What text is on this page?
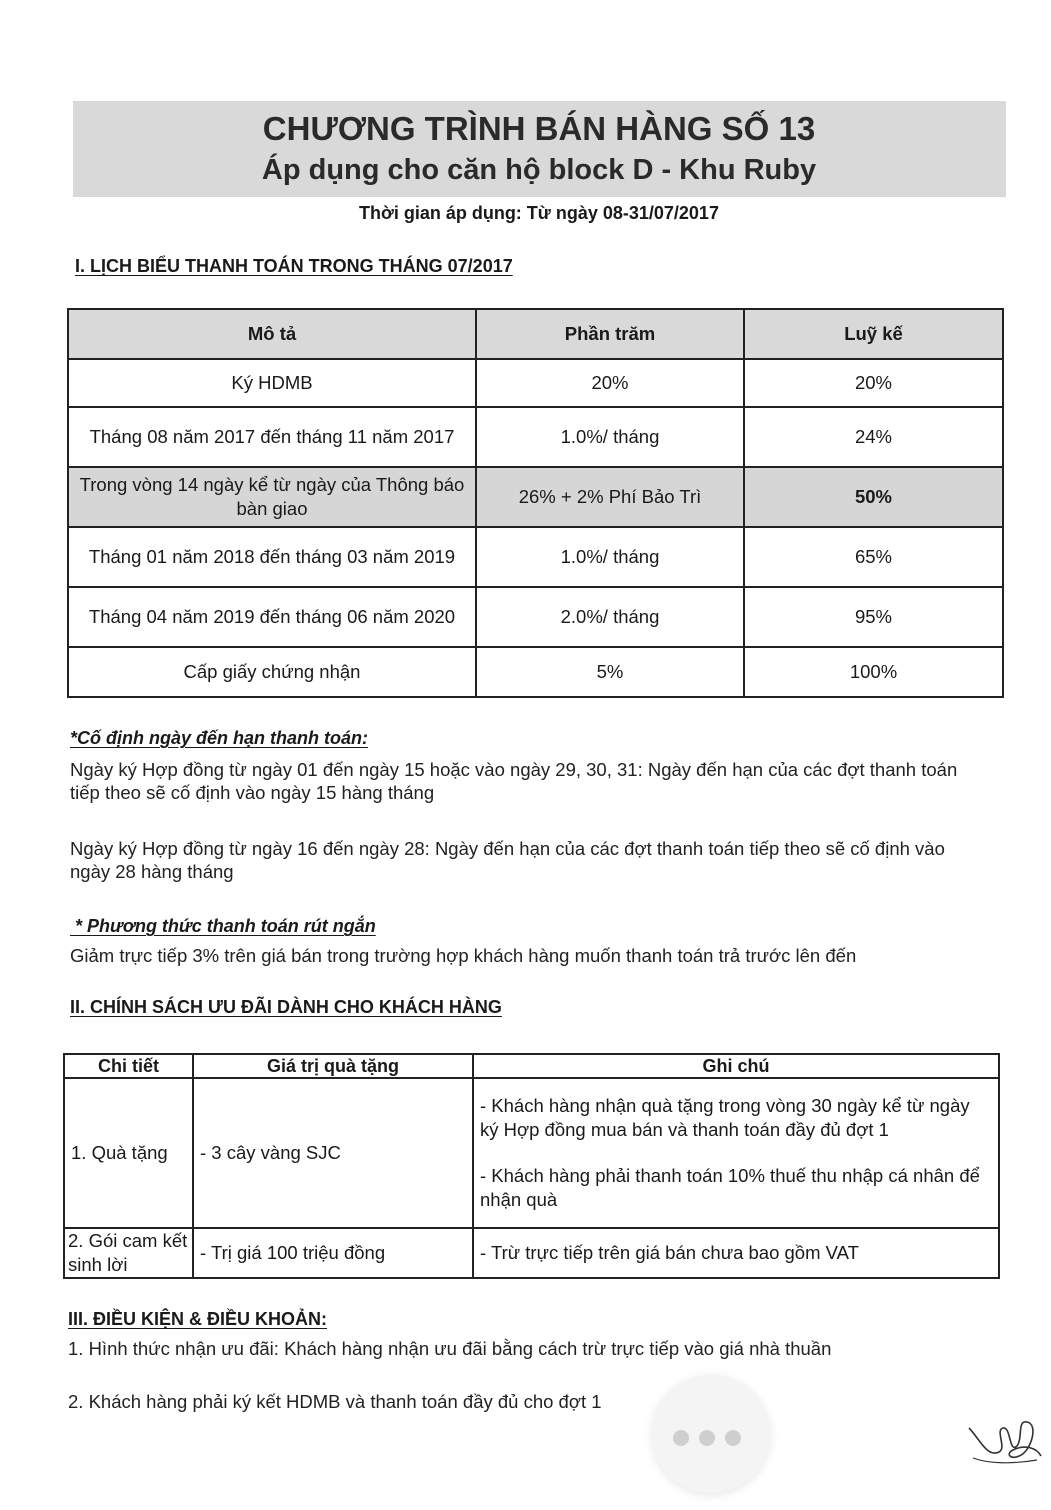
CHƯƠNG TRÌNH BÁN HÀNG SỐ 13
Áp dụng cho căn hộ block D - Khu Ruby
Thời gian áp dụng: Từ ngày 08-31/07/2017
I. LỊCH BIỂU THANH TOÁN TRONG THÁNG 07/2017
Mô tả	Phần trăm	Luỹ kế
Ký HDMB	20%	20%
Tháng 08 năm 2017 đến tháng 11 năm 2017	1.0%/ tháng	24%
Trong vòng 14 ngày kể từ ngày của Thông báo bàn giao	26% + 2% Phí Bảo Trì	50%
Tháng 01 năm 2018 đến tháng 03 năm 2019	1.0%/ tháng	65%
Tháng 04 năm 2019 đến tháng 06 năm 2020	2.0%/ tháng	95%
Cấp giấy chứng nhận	5%	100%
*Cố định ngày đến hạn thanh toán:
Ngày ký Hợp đồng từ ngày 01 đến ngày 15 hoặc vào ngày 29, 30, 31: Ngày đến hạn của các đợt thanh toán tiếp theo sẽ cố định vào ngày 15 hàng tháng
Ngày ký Hợp đồng từ ngày 16 đến ngày 28: Ngày đến hạn của các đợt thanh toán tiếp theo sẽ cố định vào ngày 28 hàng tháng
* Phương thức thanh toán rút ngắn
Giảm trực tiếp 3% trên giá bán trong trường hợp khách hàng muốn thanh toán trả trước lên đến
II. CHÍNH SÁCH ƯU ĐÃI DÀNH CHO KHÁCH HÀNG
Chi tiết	Giá trị quà tặng	Ghi chú
1. Quà tặng	- 3 cây vàng SJC	- Khách hàng nhận quà tặng trong vòng 30 ngày kể từ ngày ký Hợp đồng mua bán và thanh toán đầy đủ đợt 1
- Khách hàng phải thanh toán 10% thuế thu nhập cá nhân để nhận quà

2. Gói cam kết sinh lời	- Trị giá 100 triệu đồng	- Trừ trực tiếp trên giá bán chưa bao gồm VAT
III. ĐIỀU KIỆN & ĐIỀU KHOẢN:
1. Hình thức nhận ưu đãi: Khách hàng nhận ưu đãi bằng cách trừ trực tiếp vào giá nhà thuần
2. Khách hàng phải ký kết HDMB và thanh toán đầy đủ cho đợt 1
